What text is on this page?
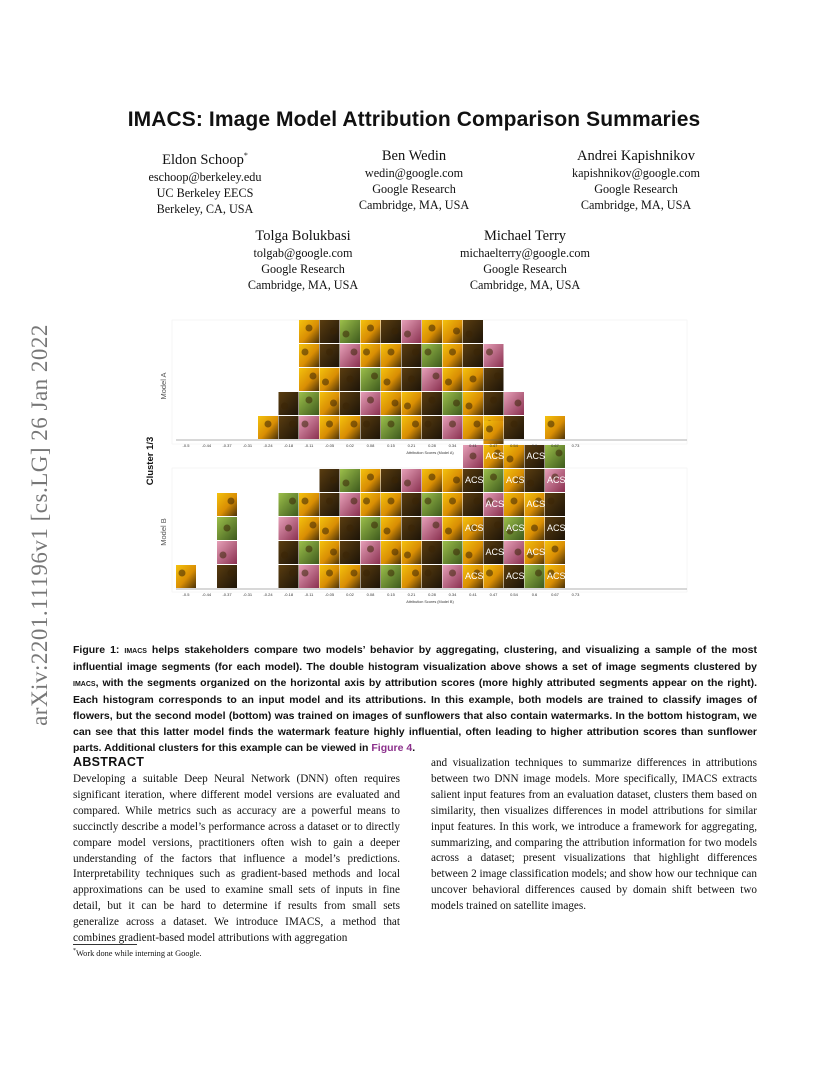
arXiv:2201.11196v1 [cs.LG] 26 Jan 2022
IMACS: Image Model Attribution Comparison Summaries
Eldon Schoop*
eschoop@berkeley.edu
UC Berkeley EECS
Berkeley, CA, USA
Ben Wedin
wedin@google.com
Google Research
Cambridge, MA, USA
Andrei Kapishnikov
kapishnikov@google.com
Google Research
Cambridge, MA, USA
Tolga Bolukbasi
tolgab@google.com
Google Research
Cambridge, MA, USA
Michael Terry
michaelterry@google.com
Google Research
Cambridge, MA, USA
Cluster 1/3
Model A
Model B
ACS
ACS
ACS
ACS
ACS
ACS
ACS
ACS
ACS
ACS
ACS
ACS
ACS
ACS
ACS
-0.5	-0.44	-0.37	-0.31	-0.24	-0.18	-0.11	-0.05	0.02	0.08	0.15	0.21	0.28	0.34	0.41	0.47	0.54	0.6	0.67	0.73
-0.5	-0.44	-0.37	-0.31	-0.24	-0.18	-0.11	-0.05	0.02	0.08	0.15	0.21	0.28	0.34	0.41	0.47	0.54	0.6	0.67	0.73
Attribution Scores (Model A)
Attribution Scores (Model B)
Figure 1: imacs helps stakeholders compare two models’ behavior by aggregating, clustering, and visualizing a sample of the most influential image segments (for each model). The double histogram visualization above shows a set of image segments clustered by imacs, with the segments organized on the horizontal axis by attribution scores (more highly attributed segments appear on the right). Each histogram corresponds to an input model and its attributions. In this example, both models are trained to classify images of flowers, but the second model (bottom) was trained on images of sunflowers that also contain watermarks. In the bottom histogram, we can see that this latter model finds the watermark feature highly influential, often leading to higher attribution scores than sunflower parts. Additional clusters for this example can be viewed in Figure 4.
ABSTRACT
Developing a suitable Deep Neural Network (DNN) often requires significant iteration, where different model versions are evaluated and compared. While metrics such as accuracy are a powerful means to succinctly describe a model’s performance across a dataset or to directly compare model versions, practitioners often wish to gain a deeper understanding of the factors that influence a model’s predictions. Interpretability techniques such as gradient-based methods and local approximations can be used to examine small sets of inputs in fine detail, but it can be hard to determine if results from small sets generalize across a dataset. We introduce IMACS, a method that combines gradient-based model attributions with aggregation
and visualization techniques to summarize differences in attributions between two DNN image models. More specifically, IMACS extracts salient input features from an evaluation dataset, clusters them based on similarity, then visualizes differences in model attributions for similar input features. In this work, we introduce a framework for aggregating, summarizing, and comparing the attribution information for two models across a dataset; present visualizations that highlight differences between 2 image classification models; and show how our technique can uncover behavioral differences caused by domain shift between two models trained on satellite images.
*Work done while interning at Google.
